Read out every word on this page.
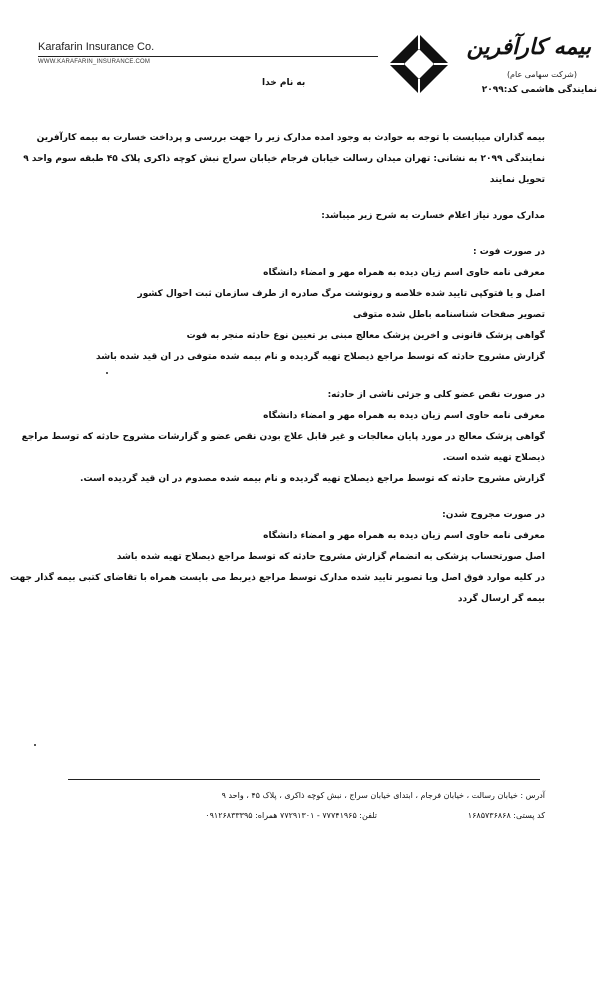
Karafarin Insurance Co.
WWW.KARAFARIN_INSURANCE.COM
بیمه کارآفرین
(شرکت سهامی عام)
نمایندگی هاشمی کد:۲۰۹۹
به نام خدا
بیمه گذاران میبایست با توجه به حوادث به وجود امده مدارک زیر را جهت بررسی و پرداخت خسارت به بیمه کارآفرین
نمایندگی ۲۰۹۹ به نشانی: تهران میدان رسالت خیابان فرجام خیابان سراج نبش کوچه ذاکری پلاک ۴۵ طبقه سوم واحد ۹
تحویل نمایند
مدارک مورد نیاز اعلام خسارت به شرح زیر میباشد:
در صورت فوت :
معرفی نامه حاوی اسم زیان دیده به همراه مهر و امضاء دانشگاه
اصل و یا فتوکپی تایید شده خلاصه و رونوشت مرگ صادره از طرف سازمان ثبت احوال کشور
تصویر صفحات شناسنامه باطل شده متوفی
گواهی پزشک قانونی و اخرین پزشک معالج مبنی بر تعیین نوع حادثه منجر به فوت
گزارش مشروح حادثه که توسط مراجع ذیصلاح تهیه گردیده و نام بیمه شده متوفی در ان قید شده باشد
در صورت نقص عضو کلی و جزئی ناشی از حادثه:
معرفی نامه حاوی اسم زیان دیده به همراه مهر و امضاء دانشگاه
گواهی پزشک معالج در مورد پایان معالجات و غیر قابل علاج بودن نقص عضو و گزارشات مشروح حادثه که توسط مراجع
ذیصلاح تهیه شده است.
گزارش مشروح حادثه که توسط مراجع ذیصلاح تهیه گردیده و نام بیمه شده مصدوم در ان قید گردیده است.
در صورت مجروح شدن:
معرفی نامه حاوی اسم زیان دیده به همراه مهر و امضاء دانشگاه
اصل صورتحساب پزشکی به انضمام گزارش مشروح حادثه که توسط مراجع ذیصلاح تهیه شده باشد
در کلیه موارد فوق اصل ویا تصویر تایید شده مدارک توسط مراجع ذیربط می بایست همراه با تقاضای کتبی بیمه گذار جهت
بیمه گر ارسال گردد
آدرس : خیابان رسالت ، خیابان فرجام ، ابتدای خیابان سراج ، نبش کوچه ذاکری ، پلاک ۴۵ ، واحد ۹
کد پستی: ۱۶۸۵۷۳۶۸۶۸
تلفن: ۷۷۷۴۱۹۶۵ - ۷۷۲۹۱۳۰۱ همراه: ۰۹۱۲۶۸۳۳۳۹۵
